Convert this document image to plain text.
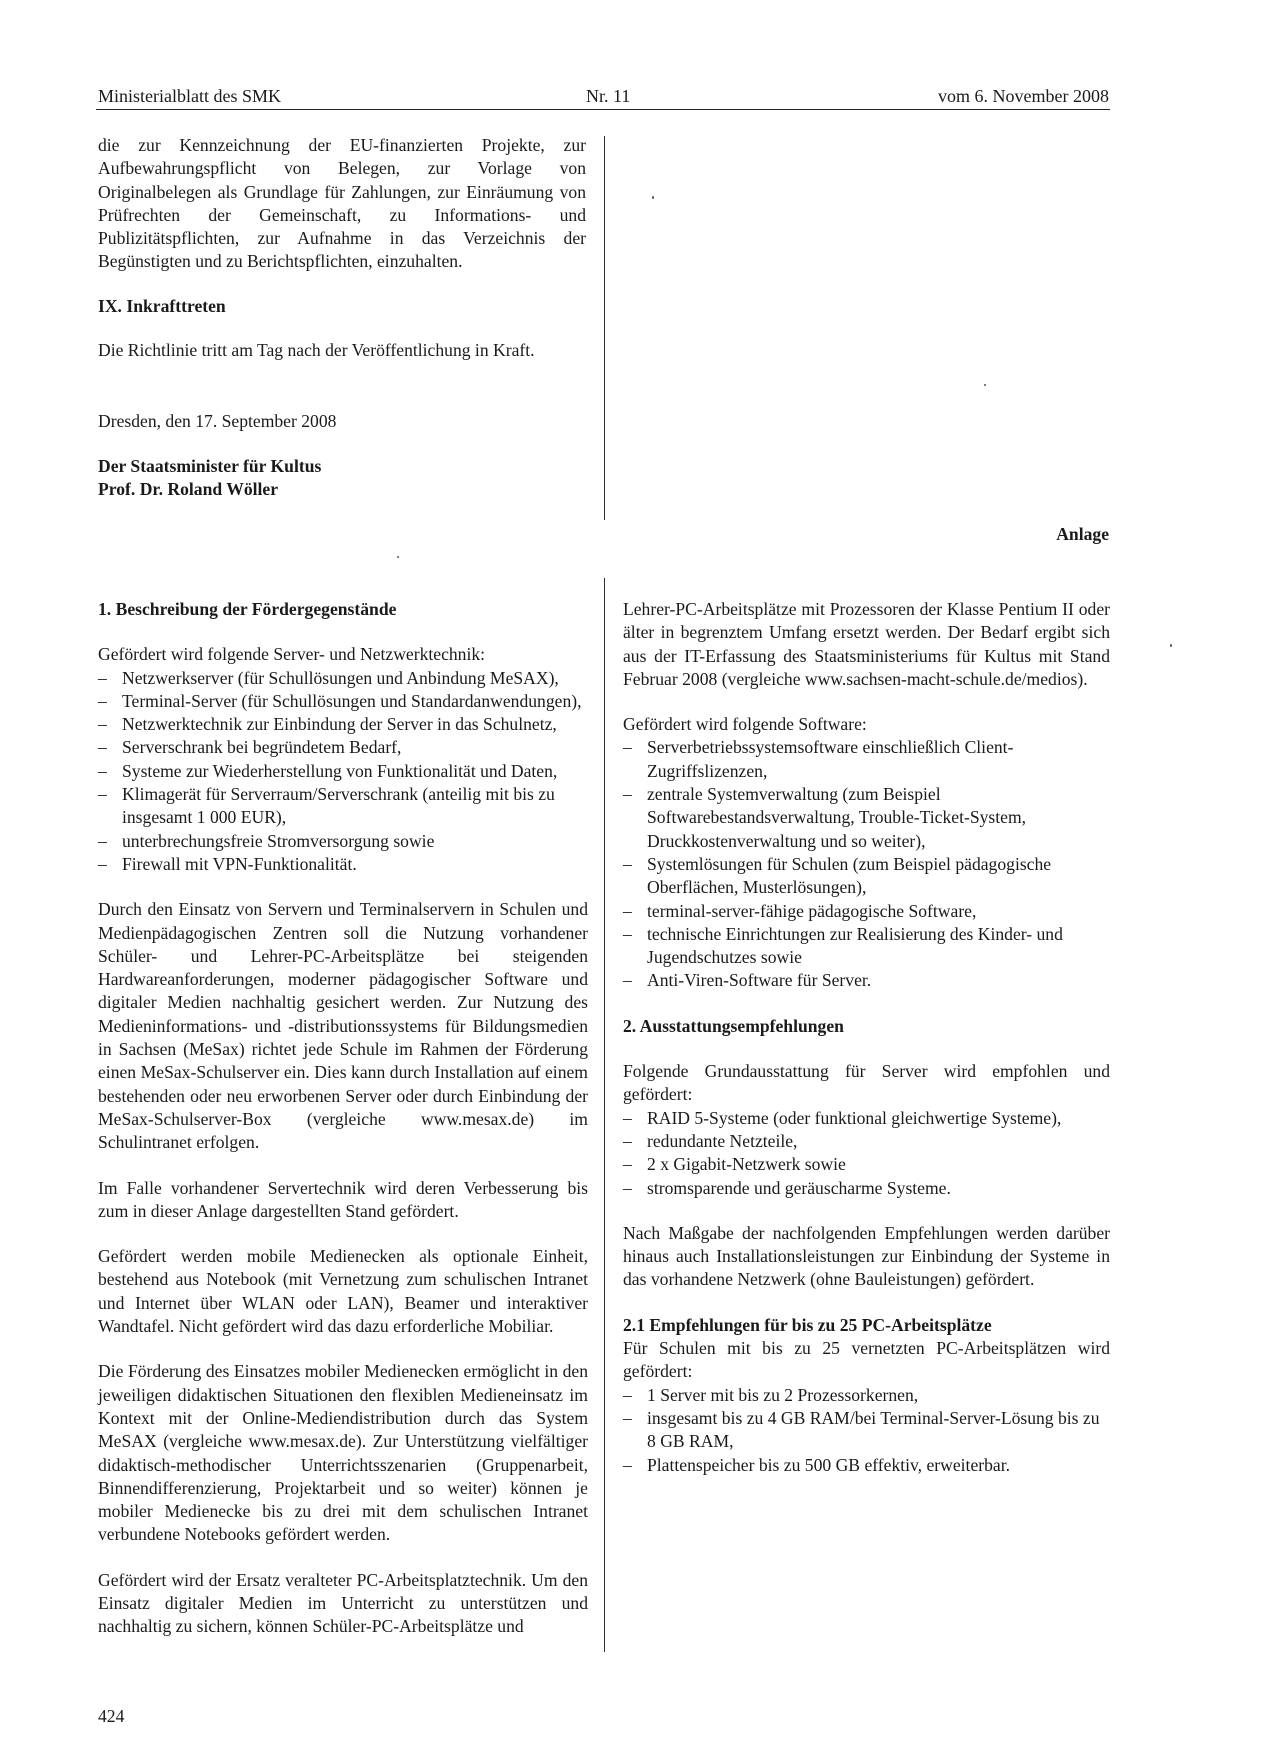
Ministerialblatt des SMK	Nr. 11	vom 6. November 2008

die zur Kennzeichnung der EU-finanzierten Projekte, zur Aufbewahrungspflicht von Belegen, zur Vorlage von Originalbelegen als Grundlage für Zahlungen, zur Einräumung von Prüfrechten der Gemeinschaft, zu Informations- und Publizitätspflichten, zur Aufnahme in das Verzeichnis der Begünstigten und zu Berichtspflichten, einzuhalten.

IX. Inkrafttreten

Die Richtlinie tritt am Tag nach der Veröffentlichung in Kraft.

Dresden, den 17. September 2008

Der Staatsminister für Kultus
Prof. Dr. Roland Wöller
Anlage
1. Beschreibung der Fördergegenstände
Gefördert wird folgende Server- und Netzwerktechnik:
– Netzwerkserver (für Schullösungen und Anbindung MeSAX),
– Terminal-Server (für Schullösungen und Standardanwendungen),
– Netzwerktechnik zur Einbindung der Server in das Schulnetz,
– Serverschrank bei begründetem Bedarf,
– Systeme zur Wiederherstellung von Funktionalität und Daten,
– Klimagerät für Serverraum/Serverschrank (anteilig mit bis zu insgesamt 1 000 EUR),
– unterbrechungsfreie Stromversorgung sowie
– Firewall mit VPN-Funktionalität.

Durch den Einsatz von Servern und Terminalservern in Schulen und Medienpädagogischen Zentren soll die Nutzung vorhandener Schüler- und Lehrer-PC-Arbeitsplätze bei steigenden Hardwareanforderungen, moderner pädagogischer Software und digitaler Medien nachhaltig gesichert werden. Zur Nutzung des Medieninformations- und -distributionssystems für Bildungsmedien in Sachsen (MeSax) richtet jede Schule im Rahmen der Förderung einen MeSax-Schulserver ein. Dies kann durch Installation auf einem bestehenden oder neu erworbenen Server oder durch Einbindung der MeSax-Schulserver-Box (vergleiche www.mesax.de) im Schulintranet erfolgen.

Im Falle vorhandener Servertechnik wird deren Verbesserung bis zum in dieser Anlage dargestellten Stand gefördert.

Gefördert werden mobile Medienecken als optionale Einheit, bestehend aus Notebook (mit Vernetzung zum schulischen Intranet und Internet über WLAN oder LAN), Beamer und interaktiver Wandtafel. Nicht gefördert wird das dazu erforderliche Mobiliar.

Die Förderung des Einsatzes mobiler Medienecken ermöglicht in den jeweiligen didaktischen Situationen den flexiblen Medieneinsatz im Kontext mit der Online-Mediendistribution durch das System MeSAX (vergleiche www.mesax.de). Zur Unterstützung vielfältiger didaktisch-methodischer Unterrichtsszenarien (Gruppenarbeit, Binnendifferenzierung, Projektarbeit und so weiter) können je mobiler Medienecke bis zu drei mit dem schulischen Intranet verbundene Notebooks gefördert werden.

Gefördert wird der Ersatz veralteter PC-Arbeitsplatztechnik. Um den Einsatz digitaler Medien im Unterricht zu unterstützen und nachhaltig zu sichern, können Schüler-PC-Arbeitsplätze und

Lehrer-PC-Arbeitsplätze mit Prozessoren der Klasse Pentium II oder älter in begrenztem Umfang ersetzt werden. Der Bedarf ergibt sich aus der IT-Erfassung des Staatsministeriums für Kultus mit Stand Februar 2008 (vergleiche www.sachsen-macht-schule.de/medios).

Gefördert wird folgende Software:
– Serverbetriebssystemsoftware einschließlich Client-Zugriffslizenzen,
– zentrale Systemverwaltung (zum Beispiel Softwarebestandsverwaltung, Trouble-Ticket-System, Druckkostenverwaltung und so weiter),
– Systemlösungen für Schulen (zum Beispiel pädagogische Oberflächen, Musterlösungen),
– terminal-server-fähige pädagogische Software,
– technische Einrichtungen zur Realisierung des Kinder- und Jugendschutzes sowie
– Anti-Viren-Software für Server.
2. Ausstattungsempfehlungen
Folgende Grundausstattung für Server wird empfohlen und gefördert:
– RAID 5-Systeme (oder funktional gleichwertige Systeme),
– redundante Netzteile,
– 2 x Gigabit-Netzwerk sowie
– stromsparende und geräuscharme Systeme.

Nach Maßgabe der nachfolgenden Empfehlungen werden darüber hinaus auch Installationsleistungen zur Einbindung der Systeme in das vorhandene Netzwerk (ohne Bauleistungen) gefördert.

2.1 Empfehlungen für bis zu 25 PC-Arbeitsplätze
Für Schulen mit bis zu 25 vernetzten PC-Arbeitsplätzen wird gefördert:
– 1 Server mit bis zu 2 Prozessorkernen,
– insgesamt bis zu 4 GB RAM/bei Terminal-Server-Lösung bis zu 8 GB RAM,
– Plattenspeicher bis zu 500 GB effektiv, erweiterbar.
424
